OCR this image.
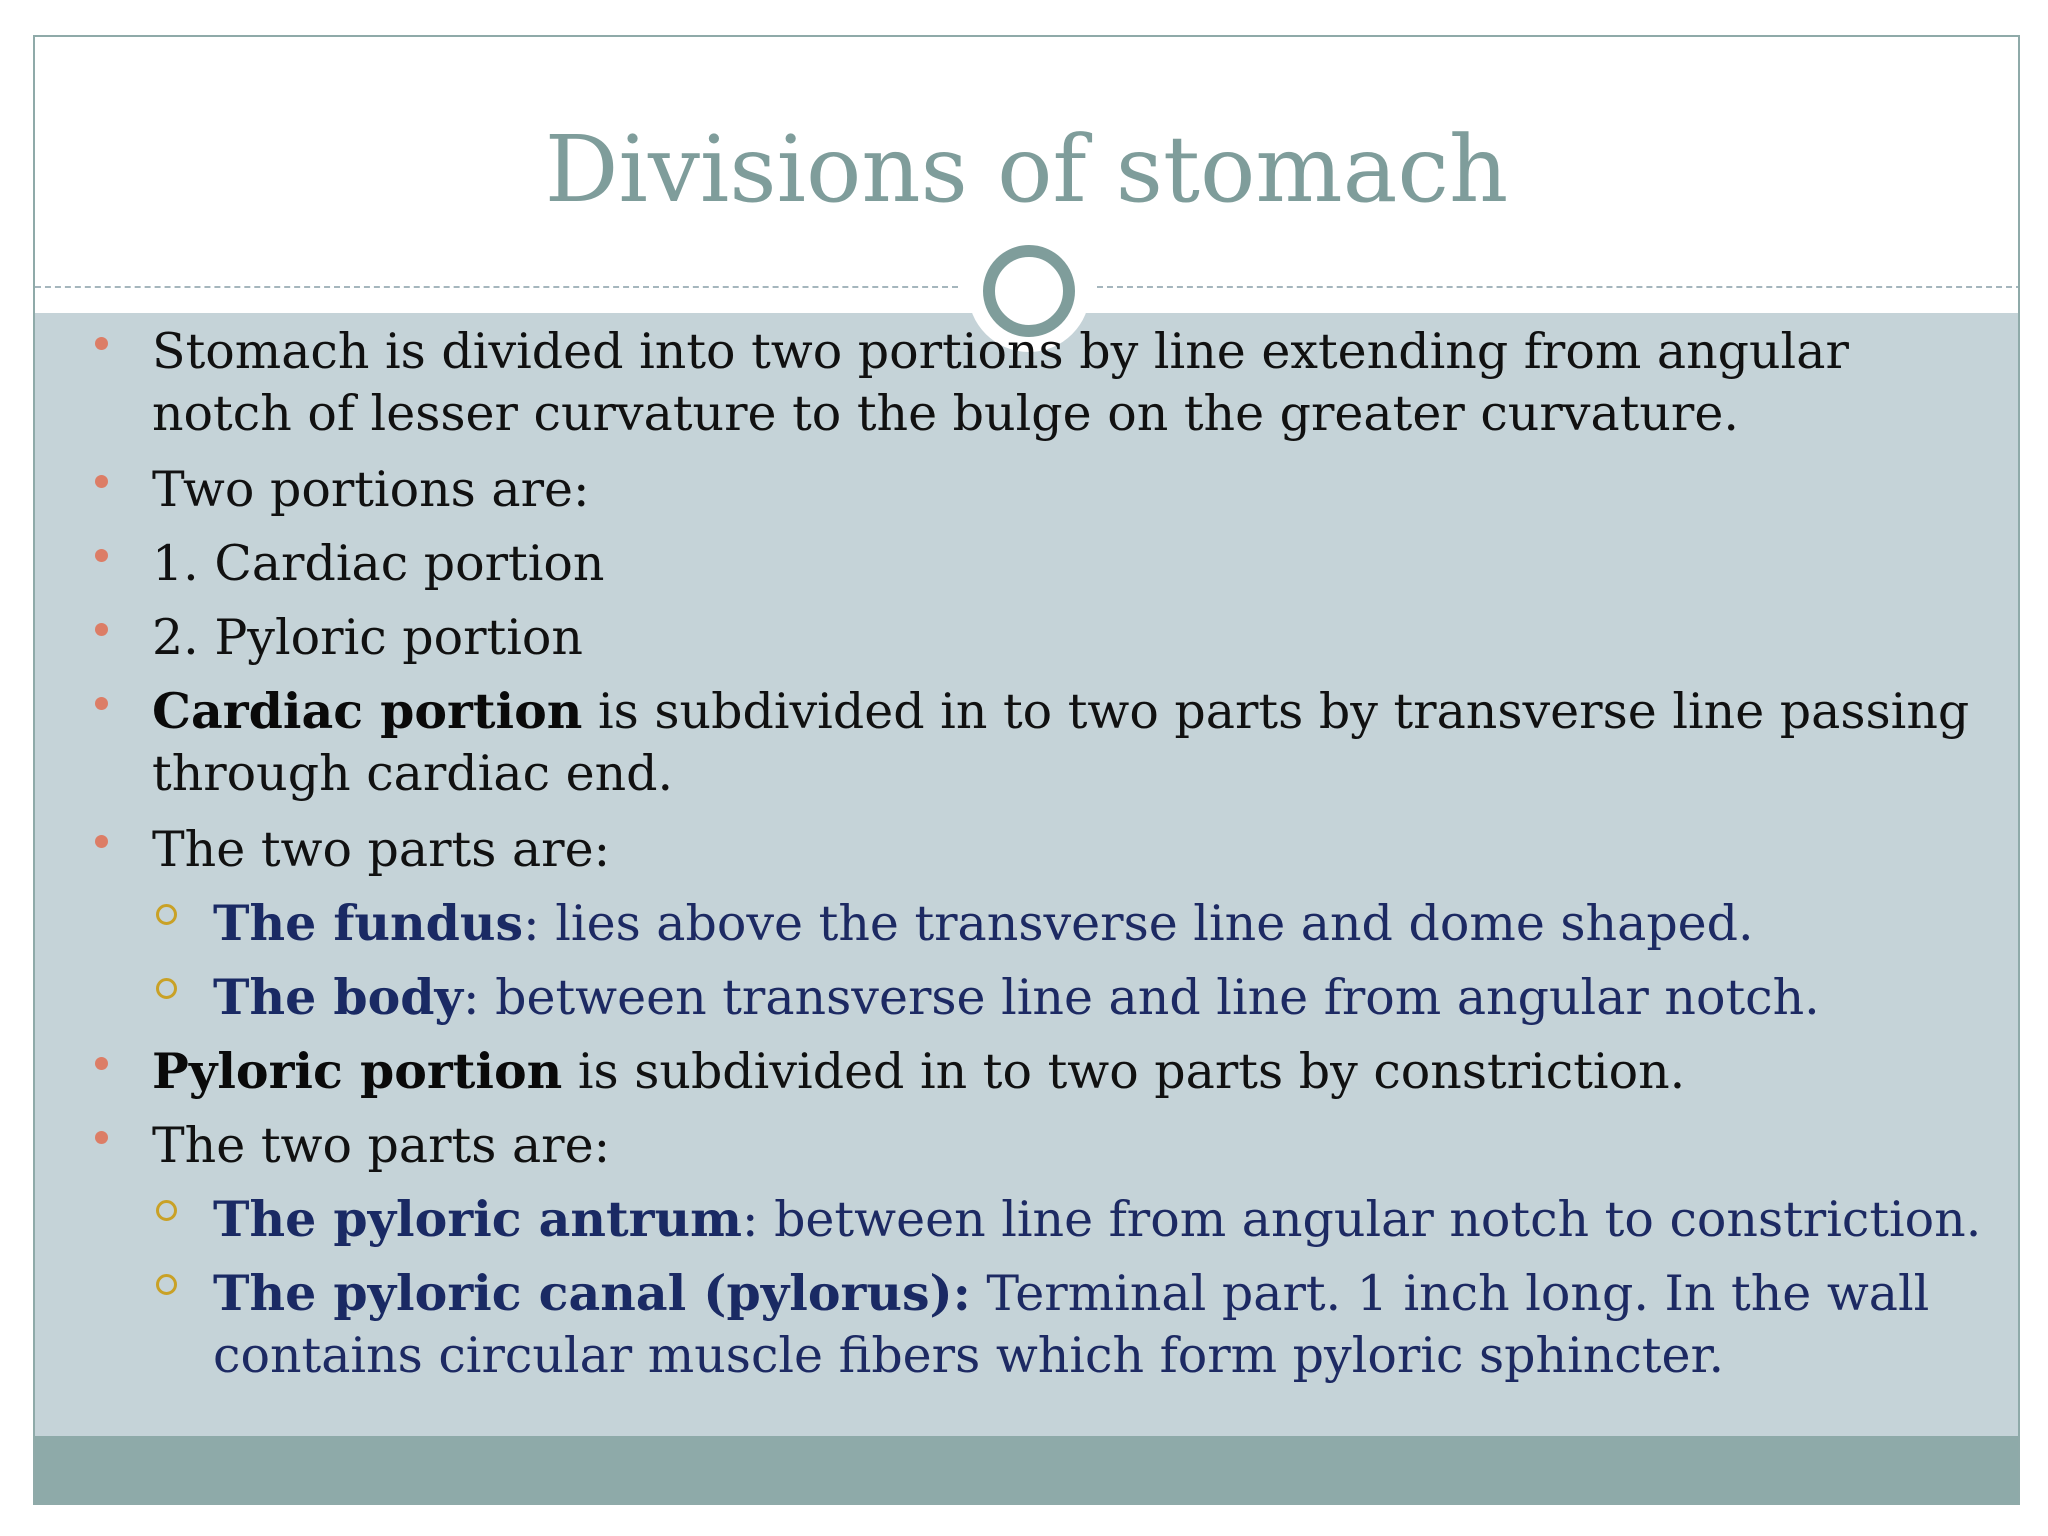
Divisions of stomach
Stomach is divided into two portions by line extending from angular notch of lesser curvature to the bulge on the greater curvature.
Two portions are:
1. Cardiac portion
2. Pyloric portion
Cardiac portion is subdivided in to two parts by transverse line passing through cardiac end.
The two parts are:
The fundus: lies above the transverse line and dome shaped.
The body: between transverse line and line from angular notch.
Pyloric portion is subdivided in to two parts by constriction.
The two parts are:
The pyloric antrum: between line from angular notch to constriction.
The pyloric canal (pylorus): Terminal part. 1 inch long. In the wall contains circular muscle fibers which form pyloric sphincter.
